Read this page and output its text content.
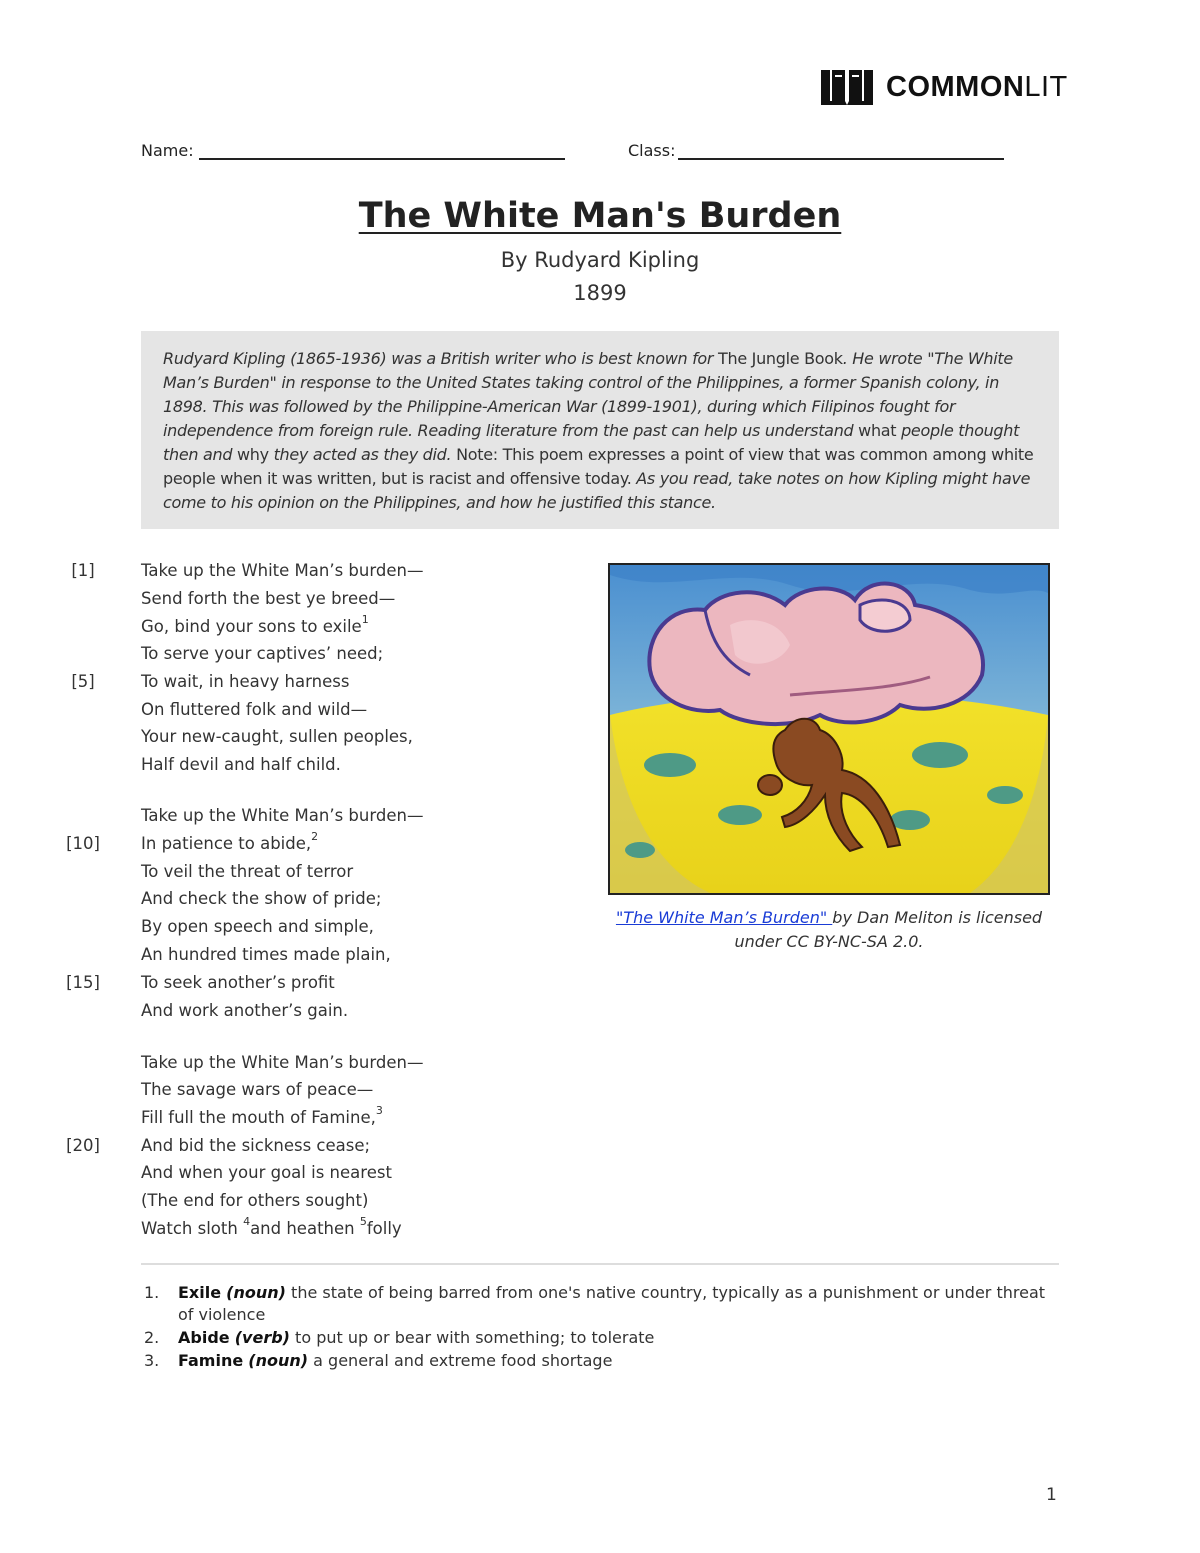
COMMONLIT
Name:	Class:
The White Man's Burden
By Rudyard Kipling
1899

Rudyard Kipling (1865-1936) was a British writer who is best known for The Jungle Book. He wrote "The White Man’s Burden" in response to the United States taking control of the Philippines, a former Spanish colony, in 1898. This was followed by the Philippine-American War (1899-1901), during which Filipinos fought for independence from foreign rule. Reading literature from the past can help us understand what people thought then and why they acted as they did. Note: This poem expresses a point of view that was common among white people when it was written, but is racist and offensive today. As you read, take notes on how Kipling might have come to his opinion on the Philippines, and how he justified this stance.

[1]
[5]
[10]
[15]
[20]
Take up the White Man’s burden—
Send forth the best ye breed—
Go, bind your sons to exile$^1$
To serve your captives’ need;
To wait, in heavy harness
On fluttered folk and wild—
Your new-caught, sullen peoples,
Half devil and half child.
Take up the White Man’s burden—
In patience to abide,$^2$
To veil the threat of terror
And check the show of pride;
By open speech and simple,
An hundred times made plain,
To seek another’s profit
And work another’s gain.
Take up the White Man’s burden—
The savage wars of peace—
Fill full the mouth of Famine,$^3$
And bid the sickness cease;
And when your goal is nearest
(The end for others sought)
Watch sloth $^4$and heathen $^5$folly
"The White Man’s Burden" by Dan Meliton is licensed under CC BY-NC-SA 2.0.
1. Exile (noun) the state of being barred from one's native country, typically as a punishment or under threat of violence
2. Abide (verb) to put up or bear with something; to tolerate
3. Famine (noun) a general and extreme food shortage
1
